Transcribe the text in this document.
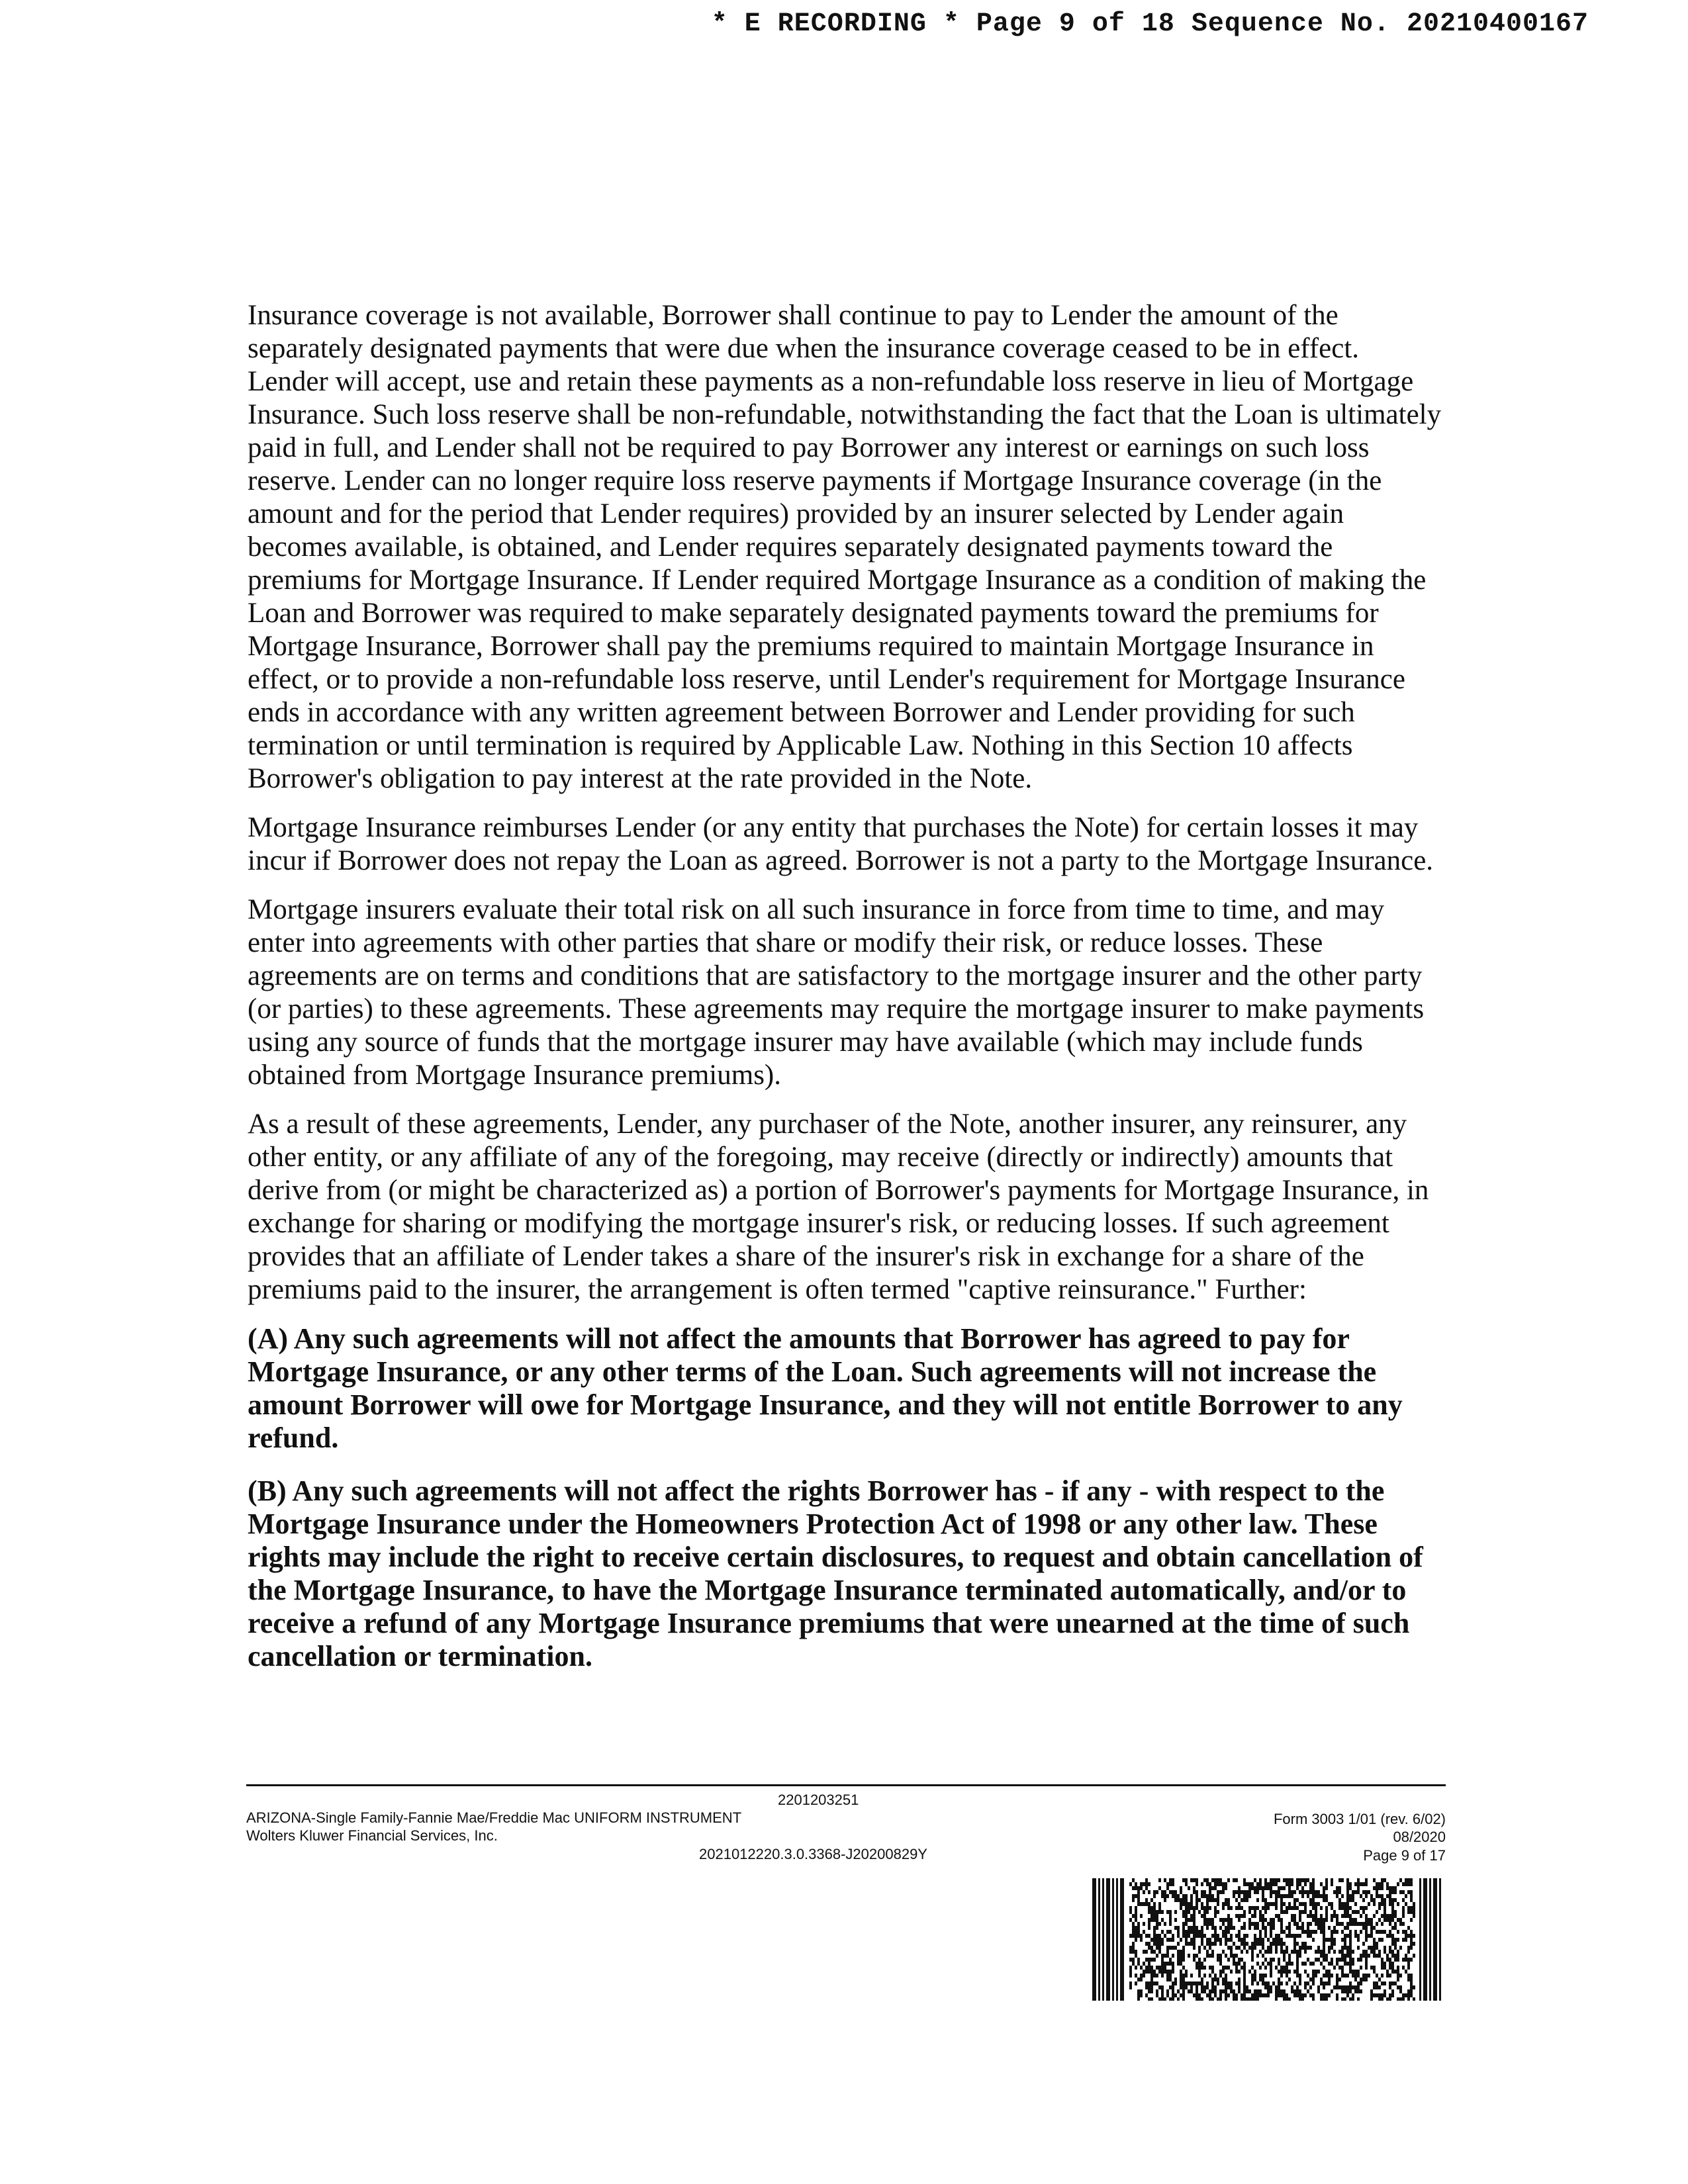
* E RECORDING * Page 9 of 18 Sequence No. 20210400167

Insurance coverage is not available, Borrower shall continue to pay to Lender the amount of the separately designated payments that were due when the insurance coverage ceased to be in effect. Lender will accept, use and retain these payments as a non-refundable loss reserve in lieu of Mortgage Insurance. Such loss reserve shall be non-refundable, notwithstanding the fact that the Loan is ultimately paid in full, and Lender shall not be required to pay Borrower any interest or earnings on such loss reserve. Lender can no longer require loss reserve payments if Mortgage Insurance coverage (in the amount and for the period that Lender requires) provided by an insurer selected by Lender again becomes available, is obtained, and Lender requires separately designated payments toward the premiums for Mortgage Insurance. If Lender required Mortgage Insurance as a condition of making the Loan and Borrower was required to make separately designated payments toward the premiums for Mortgage Insurance, Borrower shall pay the premiums required to maintain Mortgage Insurance in effect, or to provide a non-refundable loss reserve, until Lender's requirement for Mortgage Insurance ends in accordance with any written agreement between Borrower and Lender providing for such termination or until termination is required by Applicable Law. Nothing in this Section 10 affects Borrower's obligation to pay interest at the rate provided in the Note.

Mortgage Insurance reimburses Lender (or any entity that purchases the Note) for certain losses it may incur if Borrower does not repay the Loan as agreed. Borrower is not a party to the Mortgage Insurance.

Mortgage insurers evaluate their total risk on all such insurance in force from time to time, and may enter into agreements with other parties that share or modify their risk, or reduce losses. These agreements are on terms and conditions that are satisfactory to the mortgage insurer and the other party (or parties) to these agreements. These agreements may require the mortgage insurer to make payments using any source of funds that the mortgage insurer may have available (which may include funds obtained from Mortgage Insurance premiums).

As a result of these agreements, Lender, any purchaser of the Note, another insurer, any reinsurer, any other entity, or any affiliate of any of the foregoing, may receive (directly or indirectly) amounts that derive from (or might be characterized as) a portion of Borrower's payments for Mortgage Insurance, in exchange for sharing or modifying the mortgage insurer's risk, or reducing losses. If such agreement provides that an affiliate of Lender takes a share of the insurer's risk in exchange for a share of the premiums paid to the insurer, the arrangement is often termed "captive reinsurance." Further:

(A) Any such agreements will not affect the amounts that Borrower has agreed to pay for Mortgage Insurance, or any other terms of the Loan. Such agreements will not increase the amount Borrower will owe for Mortgage Insurance, and they will not entitle Borrower to any refund.

(B) Any such agreements will not affect the rights Borrower has - if any - with respect to the Mortgage Insurance under the Homeowners Protection Act of 1998 or any other law. These rights may include the right to receive certain disclosures, to request and obtain cancellation of the Mortgage Insurance, to have the Mortgage Insurance terminated automatically, and/or to receive a refund of any Mortgage Insurance premiums that were unearned at the time of such cancellation or termination.

2201203251
ARIZONA-Single Family-Fannie Mae/Freddie Mac UNIFORM INSTRUMENT
Wolters Kluwer Financial Services, Inc.
2021012220.3.0.3368-J20200829Y
Form 3003 1/01 (rev. 6/02)
08/2020
Page 9 of 17
